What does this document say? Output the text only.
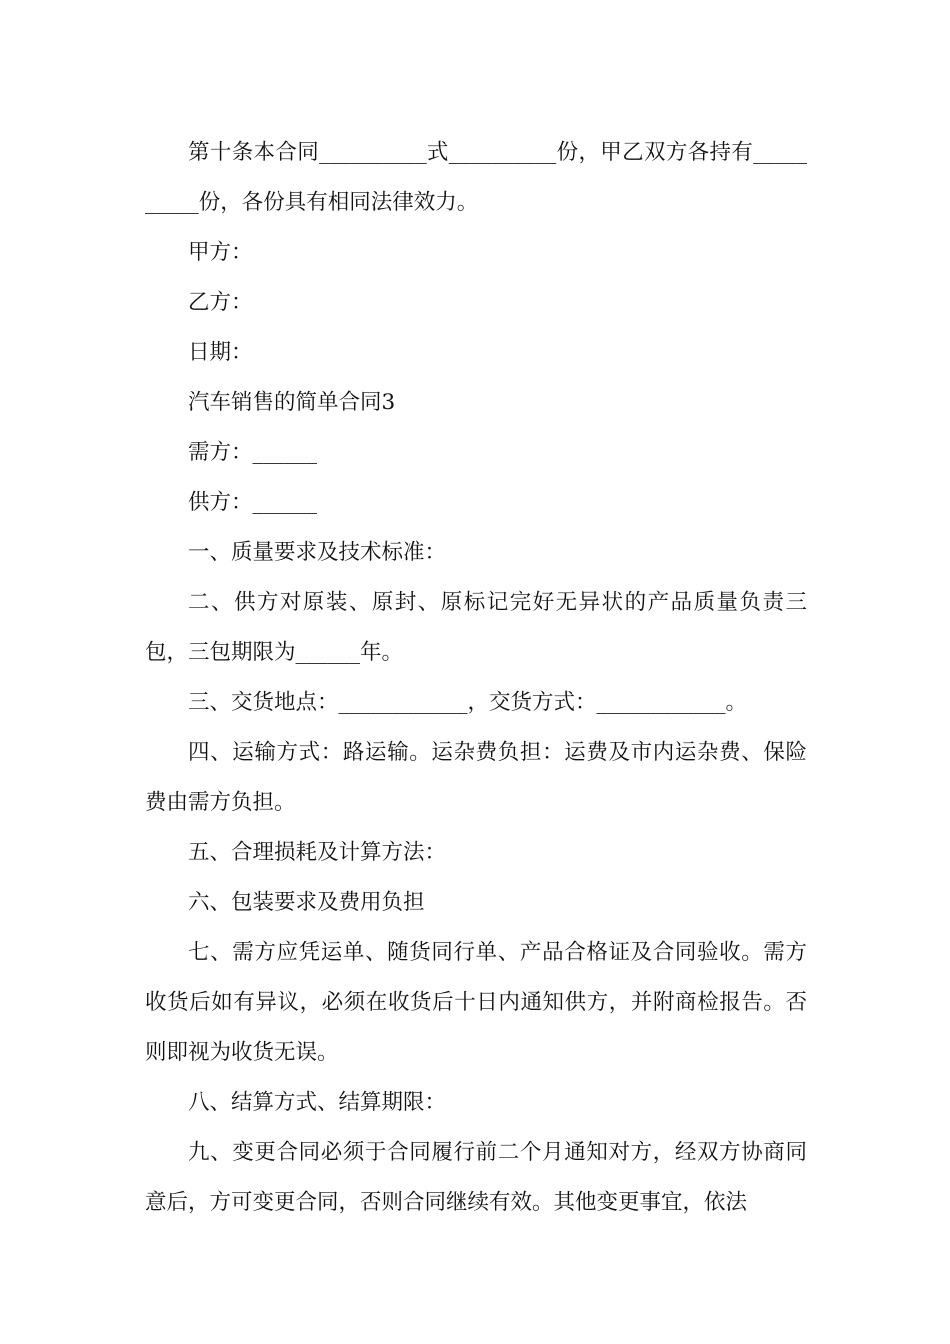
第十条本合同__________式__________份，甲乙双方各持有__________份，各份具有相同法律效力。

甲方：

乙方：

日期：

汽车销售的简单合同3

需方：______

供方：______

一、质量要求及技术标准：

二、供方对原装、原封、原标记完好无异状的产品质量负责三包，三包期限为______年。

三、交货地点：____________，交货方式：____________。

四、运输方式：路运输。运杂费负担：运费及市内运杂费、保险费由需方负担。

五、合理损耗及计算方法：

六、包装要求及费用负担

七、需方应凭运单、随货同行单、产品合格证及合同验收。需方收货后如有异议，必须在收货后十日内通知供方，并附商检报告。否则即视为收货无误。

八、结算方式、结算期限：

九、变更合同必须于合同履行前二个月通知对方，经双方协商同意后，方可变更合同，否则合同继续有效。其他变更事宜，依法
